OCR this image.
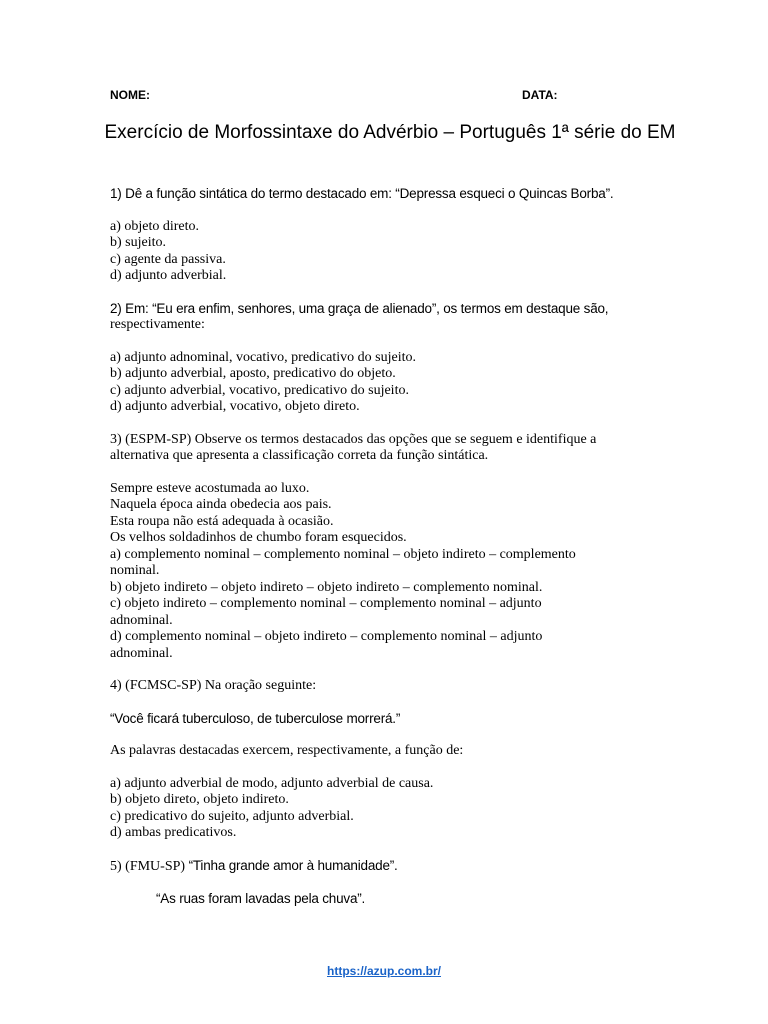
NOME:	DATA:
Exercício de Morfossintaxe do Advérbio – Português 1ª série do EM

1) Dê a função sintática do termo destacado em: “Depressa esqueci o Quincas Borba”.

a) objeto direto.

b) sujeito.

c) agente da passiva.

d) adjunto adverbial.

2) Em: “Eu era enfim, senhores, uma graça de alienado”, os termos em destaque são,

respectivamente:

a) adjunto adnominal, vocativo, predicativo do sujeito.

b) adjunto adverbial, aposto, predicativo do objeto.

c) adjunto adverbial, vocativo, predicativo do sujeito.

d) adjunto adverbial, vocativo, objeto direto.

3) (ESPM-SP) Observe os termos destacados das opções que se seguem e identifique a

alternativa que apresenta a classificação correta da função sintática.

Sempre esteve acostumada ao luxo.

Naquela época ainda obedecia aos pais.

Esta roupa não está adequada à ocasião.

Os velhos soldadinhos de chumbo foram esquecidos.

a) complemento nominal – complemento nominal – objeto indireto – complemento

nominal.

b) objeto indireto – objeto indireto – objeto indireto – complemento nominal.

c) objeto indireto – complemento nominal – complemento nominal – adjunto

adnominal.

d) complemento nominal – objeto indireto – complemento nominal – adjunto

adnominal.

4) (FCMSC-SP) Na oração seguinte:

“Você ficará tuberculoso, de tuberculose morrerá.”

As palavras destacadas exercem, respectivamente, a função de:

a) adjunto adverbial de modo, adjunto adverbial de causa.

b) objeto direto, objeto indireto.

c) predicativo do sujeito, adjunto adverbial.

d) ambas predicativos.

5) (FMU-SP) “Tinha grande amor à humanidade”.

“As ruas foram lavadas pela chuva”.

https://azup.com.br/
